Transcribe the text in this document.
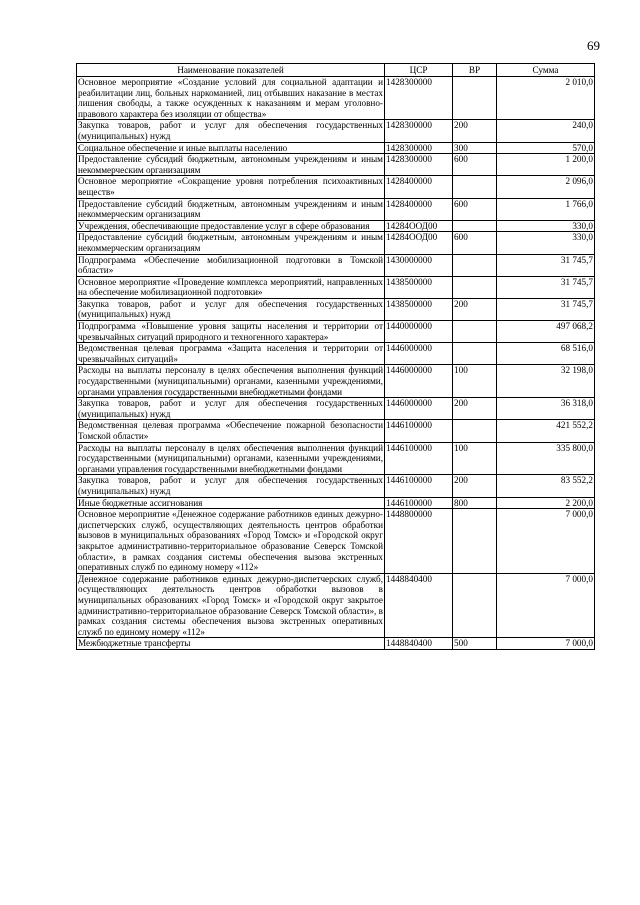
69
Наименование показателей	ЦСР	ВР	Сумма
Основное мероприятие «Создание условий для социальной адаптации и реабилитации лиц, больных наркоманией, лиц отбывших наказание в местах лишения свободы, а также осужденных к наказаниям и мерам уголовно-правового характера без изоляции от общества»	1428300000		2 010,0
Закупка товаров, работ и услуг для обеспечения государственных (муниципальных) нужд	1428300000	200	240,0
Социальное обеспечение и иные выплаты населению	1428300000	300	570,0
Предоставление субсидий бюджетным, автономным учреждениям и иным некоммерческим организациям	1428300000	600	1 200,0
Основное мероприятие «Сокращение уровня потребления психоактивных веществ»	1428400000		2 096,0
Предоставление субсидий бюджетным, автономным учреждениям и иным некоммерческим организациям	1428400000	600	1 766,0
Учреждения, обеспечивающие предоставление услуг в сфере образования	14284ООД00		330,0
Предоставление субсидий бюджетным, автономным учреждениям и иным некоммерческим организациям	14284ООД00	600	330,0
Подпрограмма «Обеспечение мобилизационной подготовки в Томской области»	1430000000		31 745,7
Основное мероприятие «Проведение комплекса мероприятий, направленных на обеспечение мобилизационной подготовки»	1438500000		31 745,7
Закупка товаров, работ и услуг для обеспечения государственных (муниципальных) нужд	1438500000	200	31 745,7
Подпрограмма «Повышение уровня защиты населения и территории от чрезвычайных ситуаций природного и техногенного характера»	1440000000		497 068,2
Ведомственная целевая программа «Защита населения и территории от чрезвычайных ситуаций»	1446000000		68 516,0
Расходы на выплаты персоналу в целях обеспечения выполнения функций государственными (муниципальными) органами, казенными учреждениями, органами управления государственными внебюджетными фондами	1446000000	100	32 198,0
Закупка товаров, работ и услуг для обеспечения государственных (муниципальных) нужд	1446000000	200	36 318,0
Ведомственная целевая программа «Обеспечение пожарной безопасности Томской области»	1446100000		421 552,2
Расходы на выплаты персоналу в целях обеспечения выполнения функций государственными (муниципальными) органами, казенными учреждениями, органами управления государственными внебюджетными фондами	1446100000	100	335 800,0
Закупка товаров, работ и услуг для обеспечения государственных (муниципальных) нужд	1446100000	200	83 552,2
Иные бюджетные ассигнования	1446100000	800	2 200,0
Основное мероприятие «Денежное содержание работников единых дежурно-диспетчерских служб, осуществляющих деятельность центров обработки вызовов в муниципальных образованиях «Город Томск» и «Городской округ закрытое административно-территориальное образование Северск Томской области», в рамках создания системы обеспечения вызова экстренных оперативных служб по единому номеру «112»	1448800000		7 000,0
Денежное содержание работников единых дежурно-диспетчерских служб, осуществляющих деятельность центров обработки вызовов в муниципальных образованиях «Город Томск» и «Городской округ закрытое административно-территориальное образование Северск Томской области», в рамках создания системы обеспечения вызова экстренных оперативных служб по единому номеру «112»	1448840400		7 000,0
Межбюджетные трансферты	1448840400	500	7 000,0
